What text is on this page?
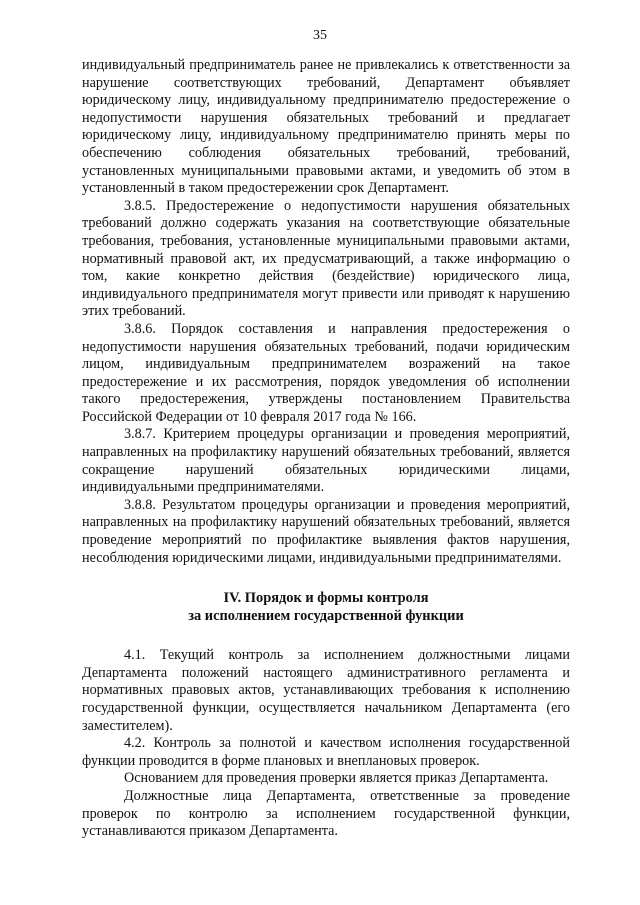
35

индивидуальный предприниматель ранее не привлекались к ответственности за нарушение соответствующих требований, Департамент объявляет юридическому лицу, индивидуальному предпринимателю предостережение о недопустимости нарушения обязательных требований и предлагает юридическому лицу, индивидуальному предпринимателю принять меры по обеспечению соблюдения обязательных требований, требований, установленных муниципальными правовыми актами, и уведомить об этом в установленный в таком предостережении срок Департамент.

3.8.5. Предостережение о недопустимости нарушения обязательных требований должно содержать указания на соответствующие обязательные требования, требования, установленные муниципальными правовыми актами, нормативный правовой акт, их предусматривающий, а также информацию о том, какие конкретно действия (бездействие) юридического лица, индивидуального предпринимателя могут привести или приводят к нарушению этих требований.

3.8.6. Порядок составления и направления предостережения о недопустимости нарушения обязательных требований, подачи юридическим лицом, индивидуальным предпринимателем возражений на такое предостережение и их рассмотрения, порядок уведомления об исполнении такого предостережения, утверждены постановлением Правительства Российской Федерации от 10 февраля 2017 года № 166.

3.8.7. Критерием процедуры организации и проведения мероприятий, направленных на профилактику нарушений обязательных требований, является сокращение нарушений обязательных юридическими лицами, индивидуальными предпринимателями.

3.8.8. Результатом процедуры организации и проведения мероприятий, направленных на профилактику нарушений обязательных требований, является проведение мероприятий по профилактике выявления фактов нарушения, несоблюдения юридическими лицами, индивидуальными предпринимателями.

IV. Порядок и формы контроля

за исполнением государственной функции

4.1. Текущий контроль за исполнением должностными лицами Департамента положений настоящего административного регламента и нормативных правовых актов, устанавливающих требования к исполнению государственной функции, осуществляется начальником Департамента (его заместителем).

4.2. Контроль за полнотой и качеством исполнения государственной функции проводится в форме плановых и внеплановых проверок.

Основанием для проведения проверки является приказ Департамента.

Должностные лица Департамента, ответственные за проведение проверок по контролю за исполнением государственной функции, устанавливаются приказом Департамента.
